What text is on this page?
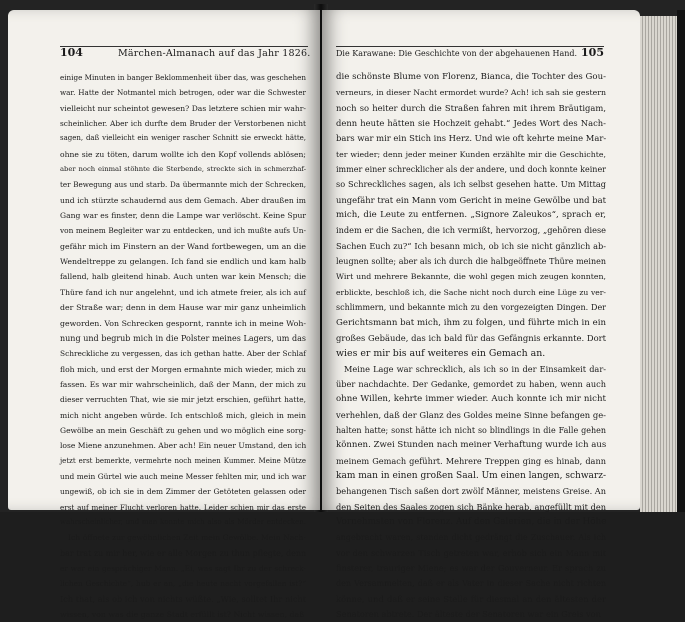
104	Märchen-Almanach auf das Jahr 1826.
einige Minuten in banger Beklommenheit über das, was geschehen
war. Hatte der Notmantel mich betrogen, oder war die Schwester
vielleicht nur scheintot gewesen? Das letztere schien mir wahr-
scheinlicher. Aber ich durfte dem Bruder der Verstorbenen nicht
sagen, daß vielleicht ein weniger rascher Schnitt sie erweckt hätte,
ohne sie zu töten, darum wollte ich den Kopf vollends ablösen;
aber noch einmal stöhnte die Sterbende, streckte sich in schmerzhaf-
ter Bewegung aus und starb. Da übermannte mich der Schrecken,
und ich stürzte schaudernd aus dem Gemach. Aber draußen im
Gang war es finster, denn die Lampe war verlöscht. Keine Spur
von meinem Begleiter war zu entdecken, und ich mußte aufs Un-
gefähr mich im Finstern an der Wand fortbewegen, um an die
Wendeltreppe zu gelangen. Ich fand sie endlich und kam halb
fallend, halb gleitend hinab. Auch unten war kein Mensch; die
Thüre fand ich nur angelehnt, und ich atmete freier, als ich auf
der Straße war; denn in dem Hause war mir ganz unheimlich
geworden. Von Schrecken gespornt, rannte ich in meine Woh-
nung und begrub mich in die Polster meines Lagers, um das
Schreckliche zu vergessen, das ich gethan hatte. Aber der Schlaf
floh mich, und erst der Morgen ermahnte mich wieder, mich zu
fassen. Es war mir wahrscheinlich, daß der Mann, der mich zu
dieser verruchten That, wie sie mir jetzt erschien, geführt hatte,
mich nicht angeben würde. Ich entschloß mich, gleich in mein
Gewölbe an mein Geschäft zu gehen und wo möglich eine sorg-
lose Miene anzunehmen. Aber ach! Ein neuer Umstand, den ich
jetzt erst bemerkte, vermehrte noch meinen Kummer. Meine Mütze
und mein Gürtel wie auch meine Messer fehlten mir, und ich war
ungewiß, ob ich sie in dem Zimmer der Getöteten gelassen oder
erst auf meiner Flucht verloren hatte. Leider schien mir das erste
wahrscheinlicher, und man konnte mich also als Mörder entdecken.
Ich öffnete zur gewöhnlichen Zeit mein Gewölbe. Mein Nach-
bar trat zu mir her, wie er alle Morgen zu thun pflegte, denn
er war ein gesprächiger Mann. „Ei, was sagt Ihr zu der schreck-
lichen Geschichte“, hub er an, „die heute nacht vorgefallen ist?“
Ich that, als ob ich von nichts wüßte. „Wie, solltet Ihr nicht
wissen, von was die ganze Stadt erfüllt ist? Nicht wissen, daß
Die Karawane: Die Geschichte von der abgehauenen Hand. 105
die schönste Blume von Florenz, Bianca, die Tochter des Gou-
verneurs, in dieser Nacht ermordet wurde? Ach! ich sah sie gestern
noch so heiter durch die Straßen fahren mit ihrem Bräutigam,
denn heute hätten sie Hochzeit gehabt.“ Jedes Wort des Nach-
bars war mir ein Stich ins Herz. Und wie oft kehrte meine Mar-
ter wieder; denn jeder meiner Kunden erzählte mir die Geschichte,
immer einer schrecklicher als der andere, und doch konnte keiner
so Schreckliches sagen, als ich selbst gesehen hatte. Um Mittag
ungefähr trat ein Mann vom Gericht in meine Gewölbe und bat
mich, die Leute zu entfernen. „Signore Zaleukos“, sprach er,
indem er die Sachen, die ich vermißt, hervorzog, „gehören diese
Sachen Euch zu?“ Ich besann mich, ob ich sie nicht gänzlich ab-
leugnen sollte; aber als ich durch die halbgeöffnete Thüre meinen
Wirt und mehrere Bekannte, die wohl gegen mich zeugen konnten,
erblickte, beschloß ich, die Sache nicht noch durch eine Lüge zu ver-
schlimmern, und bekannte mich zu den vorgezeigten Dingen. Der
Gerichtsmann bat mich, ihm zu folgen, und führte mich in ein
großes Gebäude, das ich bald für das Gefängnis erkannte. Dort
wies er mir bis auf weiteres ein Gemach an.
Meine Lage war schrecklich, als ich so in der Einsamkeit dar-
über nachdachte. Der Gedanke, gemordet zu haben, wenn auch
ohne Willen, kehrte immer wieder. Auch konnte ich mir nicht
verhehlen, daß der Glanz des Goldes meine Sinne befangen ge-
halten hatte; sonst hätte ich nicht so blindlings in die Falle gehen
können. Zwei Stunden nach meiner Verhaftung wurde ich aus
meinem Gemach geführt. Mehrere Treppen ging es hinab, dann
kam man in einen großen Saal. Um einen langen, schwarz-
behangenen Tisch saßen dort zwölf Männer, meistens Greise. An
den Seiten des Saales zogen sich Bänke herab, angefüllt mit den
Vornehmsten von Florenz. Auf den Galerien, die in der Höhe
angebracht waren, standen dicht gedrängt die Zuschauer. Als ich
vor den schwarzen Tisch getreten war, erhob sich ein Mann mit
finsterer, trauriger Miene; es war der Gouverneur. Er sprach zu
den Versammelten, daß er als Vater in dieser Sache nicht richten
könne, und daß er seine Stelle für diesmal an den ältesten der
Senatoren abtrete. Der älteste der Senatoren war ein Greis von
